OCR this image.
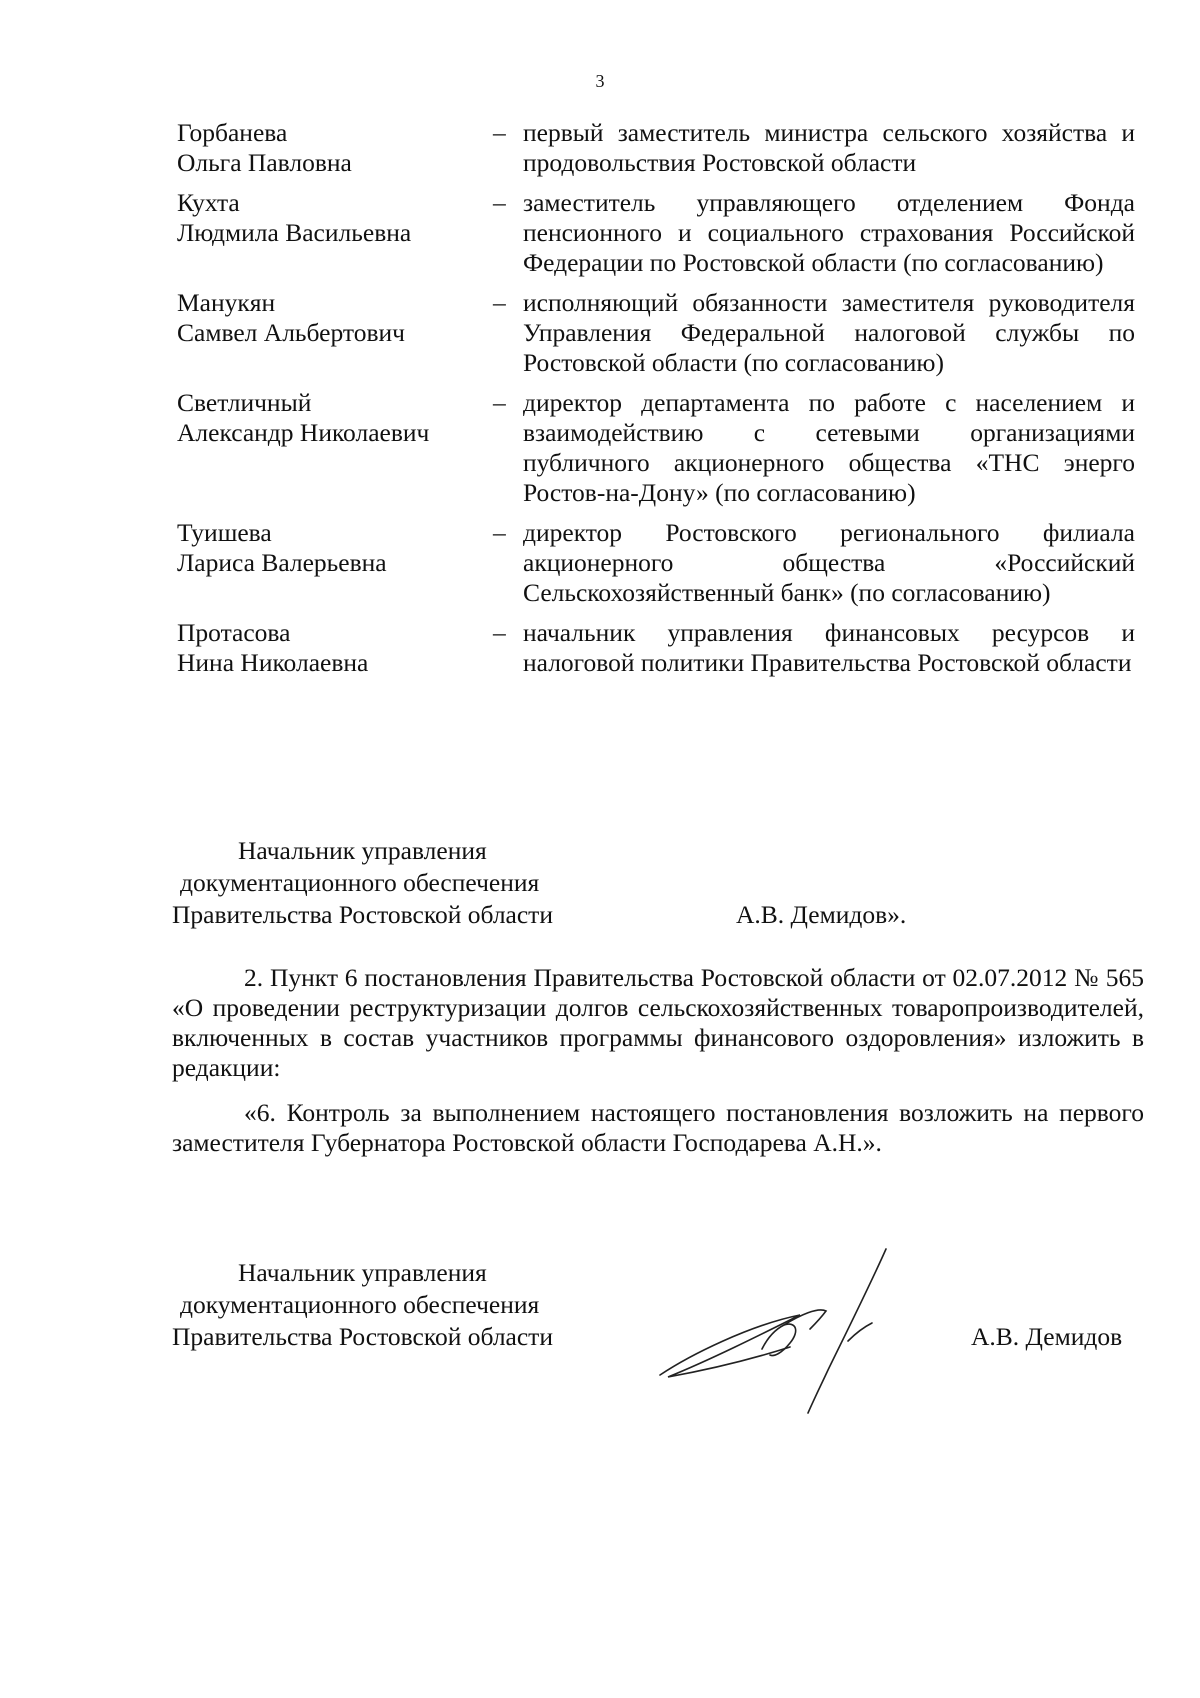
3
Горбанева
Ольга Павловна
– первый заместитель министра сельского хозяйства и продовольствия Ростовской области
Кухта
Людмила Васильевна
– заместитель управляющего отделением Фонда пенсионного и социального страхования Российской Федерации по Ростовской области (по согласованию)
Манукян
Самвел Альбертович
– исполняющий обязанности заместителя руководителя Управления Федеральной налоговой службы по Ростовской области (по согласованию)
Светличный
Александр Николаевич
– директор департамента по работе с населением и взаимодействию с сетевыми организациями публичного акционерного общества «ТНС энерго Ростов-на-Дону» (по согласованию)
Туишева
Лариса Валерьевна
– директор Ростовского регионального филиала акционерного общества «Российский Сельскохозяйственный банк» (по согласованию)
Протасова
Нина Николаевна
– начальник управления финансовых ресурсов и налоговой политики Правительства Ростовской области
Начальник управления
документационного обеспечения
Правительства Ростовской области	А.В. Демидов».
2. Пункт 6 постановления Правительства Ростовской области от 02.07.2012 № 565 «О проведении реструктуризации долгов сельскохозяйственных товаропроизводителей, включенных в состав участников программы финансового оздоровления» изложить в редакции:
«6. Контроль за выполнением настоящего постановления возложить на первого заместителя Губернатора Ростовской области Господарева А.Н.».
Начальник управления
документационного обеспечения
Правительства Ростовской области	А.В. Демидов
